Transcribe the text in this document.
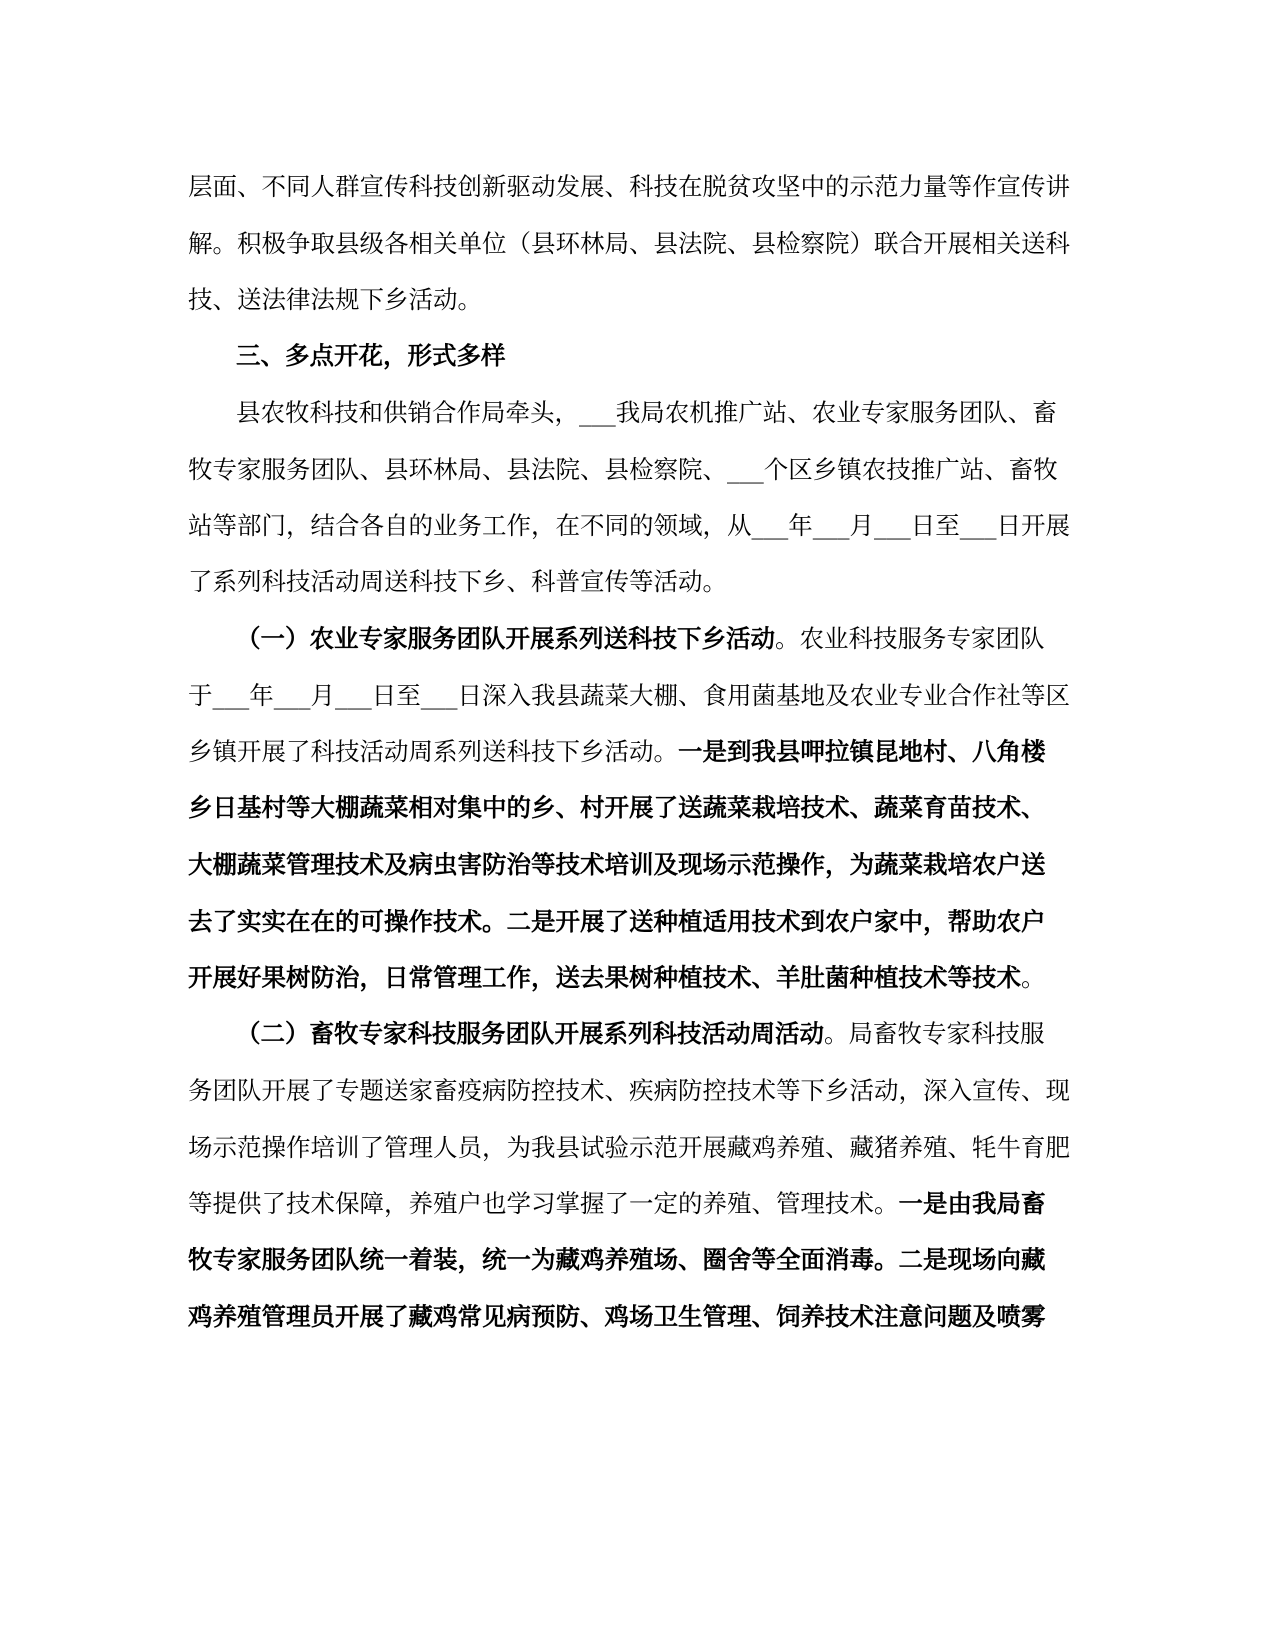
层面、不同人群宣传科技创新驱动发展、科技在脱贫攻坚中的示范力量等作宣传讲
解。积极争取县级各相关单位（县环林局、县法院、县检察院）联合开展相关送科
技、送法律法规下乡活动。
三、多点开花，形式多样
县农牧科技和供销合作局牵头，___我局农机推广站、农业专家服务团队、畜
牧专家服务团队、县环林局、县法院、县检察院、___个区乡镇农技推广站、畜牧
站等部门，结合各自的业务工作，在不同的领域，从___年___月___日至___日开展
了系列科技活动周送科技下乡、科普宣传等活动。
（一）农业专家服务团队开展系列送科技下乡活动。农业科技服务专家团队
于___年___月___日至___日深入我县蔬菜大棚、食用菌基地及农业专业合作社等区
乡镇开展了科技活动周系列送科技下乡活动。一是到我县呷拉镇昆地村、八角楼
乡日基村等大棚蔬菜相对集中的乡、村开展了送蔬菜栽培技术、蔬菜育苗技术、
大棚蔬菜管理技术及病虫害防治等技术培训及现场示范操作，为蔬菜栽培农户送
去了实实在在的可操作技术。二是开展了送种植适用技术到农户家中，帮助农户
开展好果树防治，日常管理工作，送去果树种植技术、羊肚菌种植技术等技术。
（二）畜牧专家科技服务团队开展系列科技活动周活动。局畜牧专家科技服
务团队开展了专题送家畜疫病防控技术、疾病防控技术等下乡活动，深入宣传、现
场示范操作培训了管理人员，为我县试验示范开展藏鸡养殖、藏猪养殖、牦牛育肥
等提供了技术保障，养殖户也学习掌握了一定的养殖、管理技术。一是由我局畜
牧专家服务团队统一着装，统一为藏鸡养殖场、圈舍等全面消毒。二是现场向藏
鸡养殖管理员开展了藏鸡常见病预防、鸡场卫生管理、饲养技术注意问题及喷雾
